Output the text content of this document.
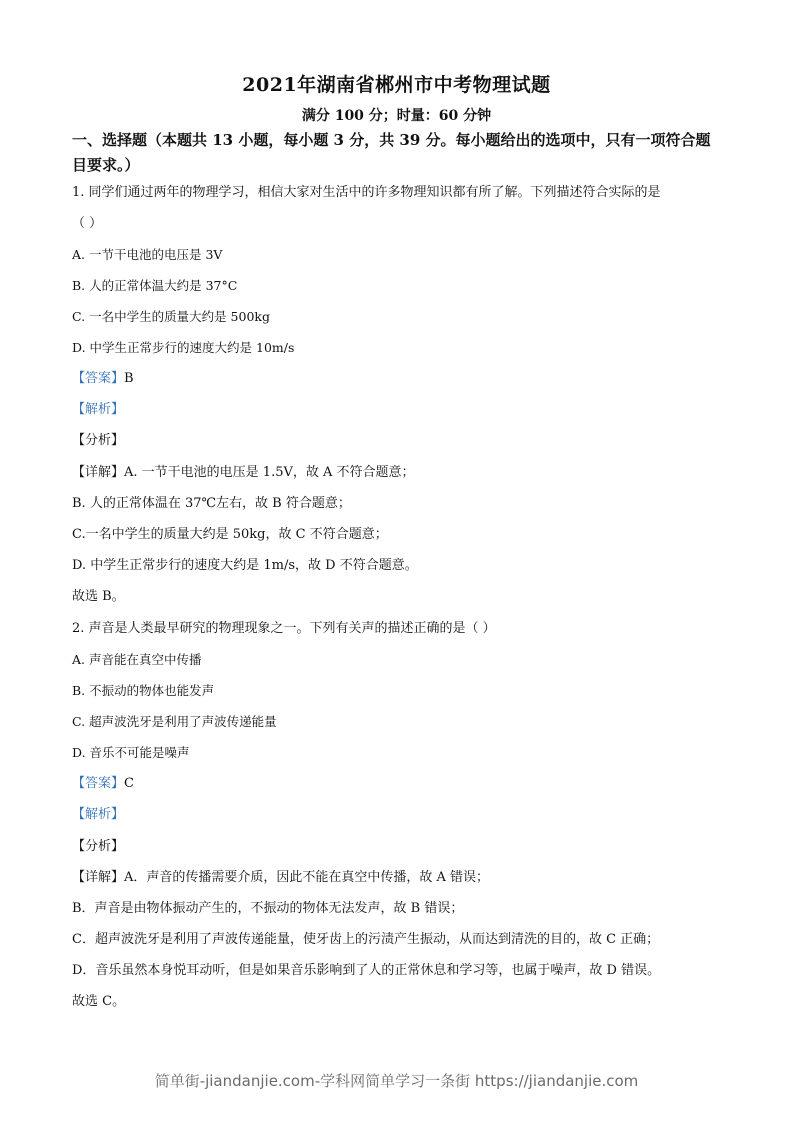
2021年湖南省郴州市中考物理试题
满分 100 分；时量：60 分钟
一、选择题（本题共 13 小题，每小题 3 分，共 39 分。每小题给出的选项中，只有一项符合题目要求。）
1. 同学们通过两年的物理学习，相信大家对生活中的许多物理知识都有所了解。下列描述符合实际的是
（ ）
A. 一节干电池的电压是 3V
B. 人的正常体温大约是 37°C
C. 一名中学生的质量大约是 500kg
D. 中学生正常步行的速度大约是 10m/s
【答案】B
【解析】
【分析】
【详解】A. 一节干电池的电压是 1.5V，故 A 不符合题意；
B. 人的正常体温在 37℃左右，故 B 符合题意；
C.一名中学生的质量大约是 50kg，故 C 不符合题意；
D. 中学生正常步行的速度大约是 1m/s，故 D 不符合题意。
故选 B。
2. 声音是人类最早研究的物理现象之一。下列有关声的描述正确的是（ ）
A. 声音能在真空中传播
B. 不振动的物体也能发声
C. 超声波洗牙是利用了声波传递能量
D. 音乐不可能是噪声
【答案】C
【解析】
【分析】
【详解】A．声音的传播需要介质，因此不能在真空中传播，故 A 错误；
B．声音是由物体振动产生的，不振动的物体无法发声，故 B 错误；
C．超声波洗牙是利用了声波传递能量，使牙齿上的污渍产生振动，从而达到清洗的目的，故 C 正确；
D．音乐虽然本身悦耳动听，但是如果音乐影响到了人的正常休息和学习等，也属于噪声，故 D 错误。
故选 C。
简单街-jiandanjie.com-学科网简单学习一条街 https://jiandanjie.com
